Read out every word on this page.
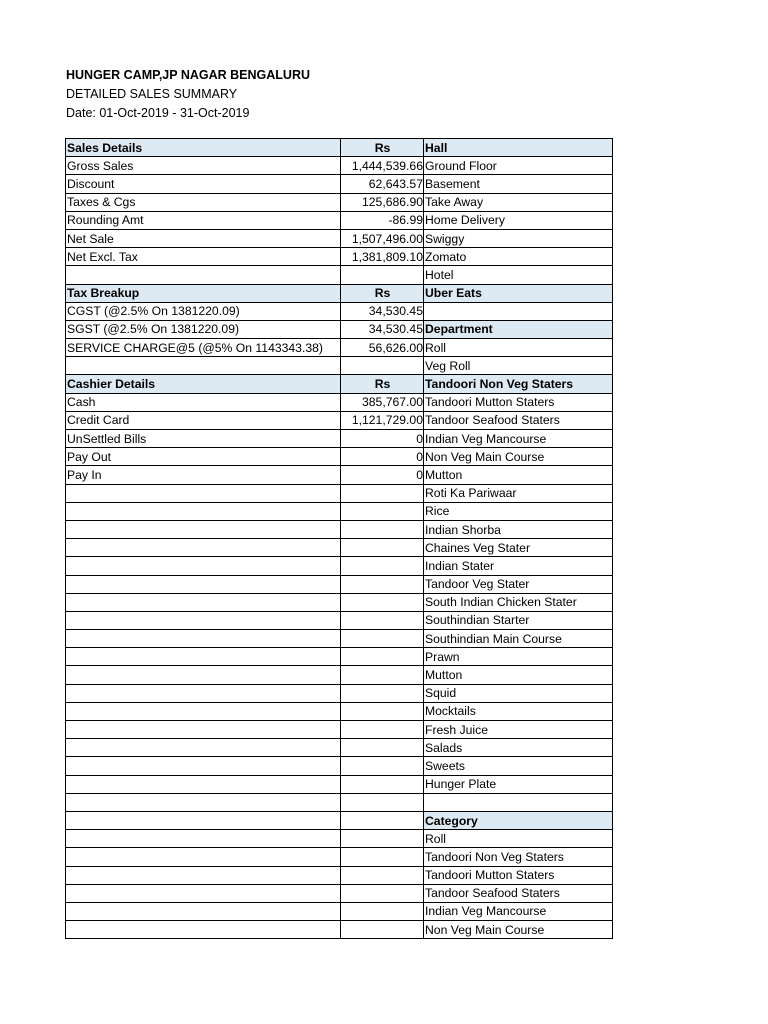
HUNGER CAMP,JP NAGAR BENGALURU
DETAILED SALES SUMMARY
Date: 01-Oct-2019 - 31-Oct-2019
Sales Details	Rs	Hall
Gross Sales	1,444,539.66	Ground Floor
Discount	62,643.57	Basement
Taxes & Cgs	125,686.90	Take Away
Rounding Amt	-86.99	Home Delivery
Net Sale	1,507,496.00	Swiggy
Net Excl. Tax	1,381,809.10	Zomato
		Hotel
Tax Breakup	Rs	Uber Eats
CGST (@2.5% On 1381220.09)	34,530.45	
SGST (@2.5% On 1381220.09)	34,530.45	Department
SERVICE CHARGE@5 (@5% On 1143343.38)	56,626.00	Roll
		Veg Roll
Cashier Details	Rs	Tandoori Non Veg Staters
Cash	385,767.00	Tandoori Mutton Staters
Credit Card	1,121,729.00	Tandoor Seafood Staters
UnSettled Bills	0	Indian Veg Mancourse
Pay Out	0	Non Veg Main Course
Pay In	0	Mutton
		Roti Ka Pariwaar
		Rice
		Indian Shorba
		Chaines Veg Stater
		Indian Stater
		Tandoor Veg Stater
		South Indian Chicken Stater
		Southindian Starter
		Southindian Main Course
		Prawn
		Mutton
		Squid
		Mocktails
		Fresh Juice
		Salads
		Sweets
		Hunger Plate

		Category
		Roll
		Tandoori Non Veg Staters
		Tandoori Mutton Staters
		Tandoor Seafood Staters
		Indian Veg Mancourse
		Non Veg Main Course
